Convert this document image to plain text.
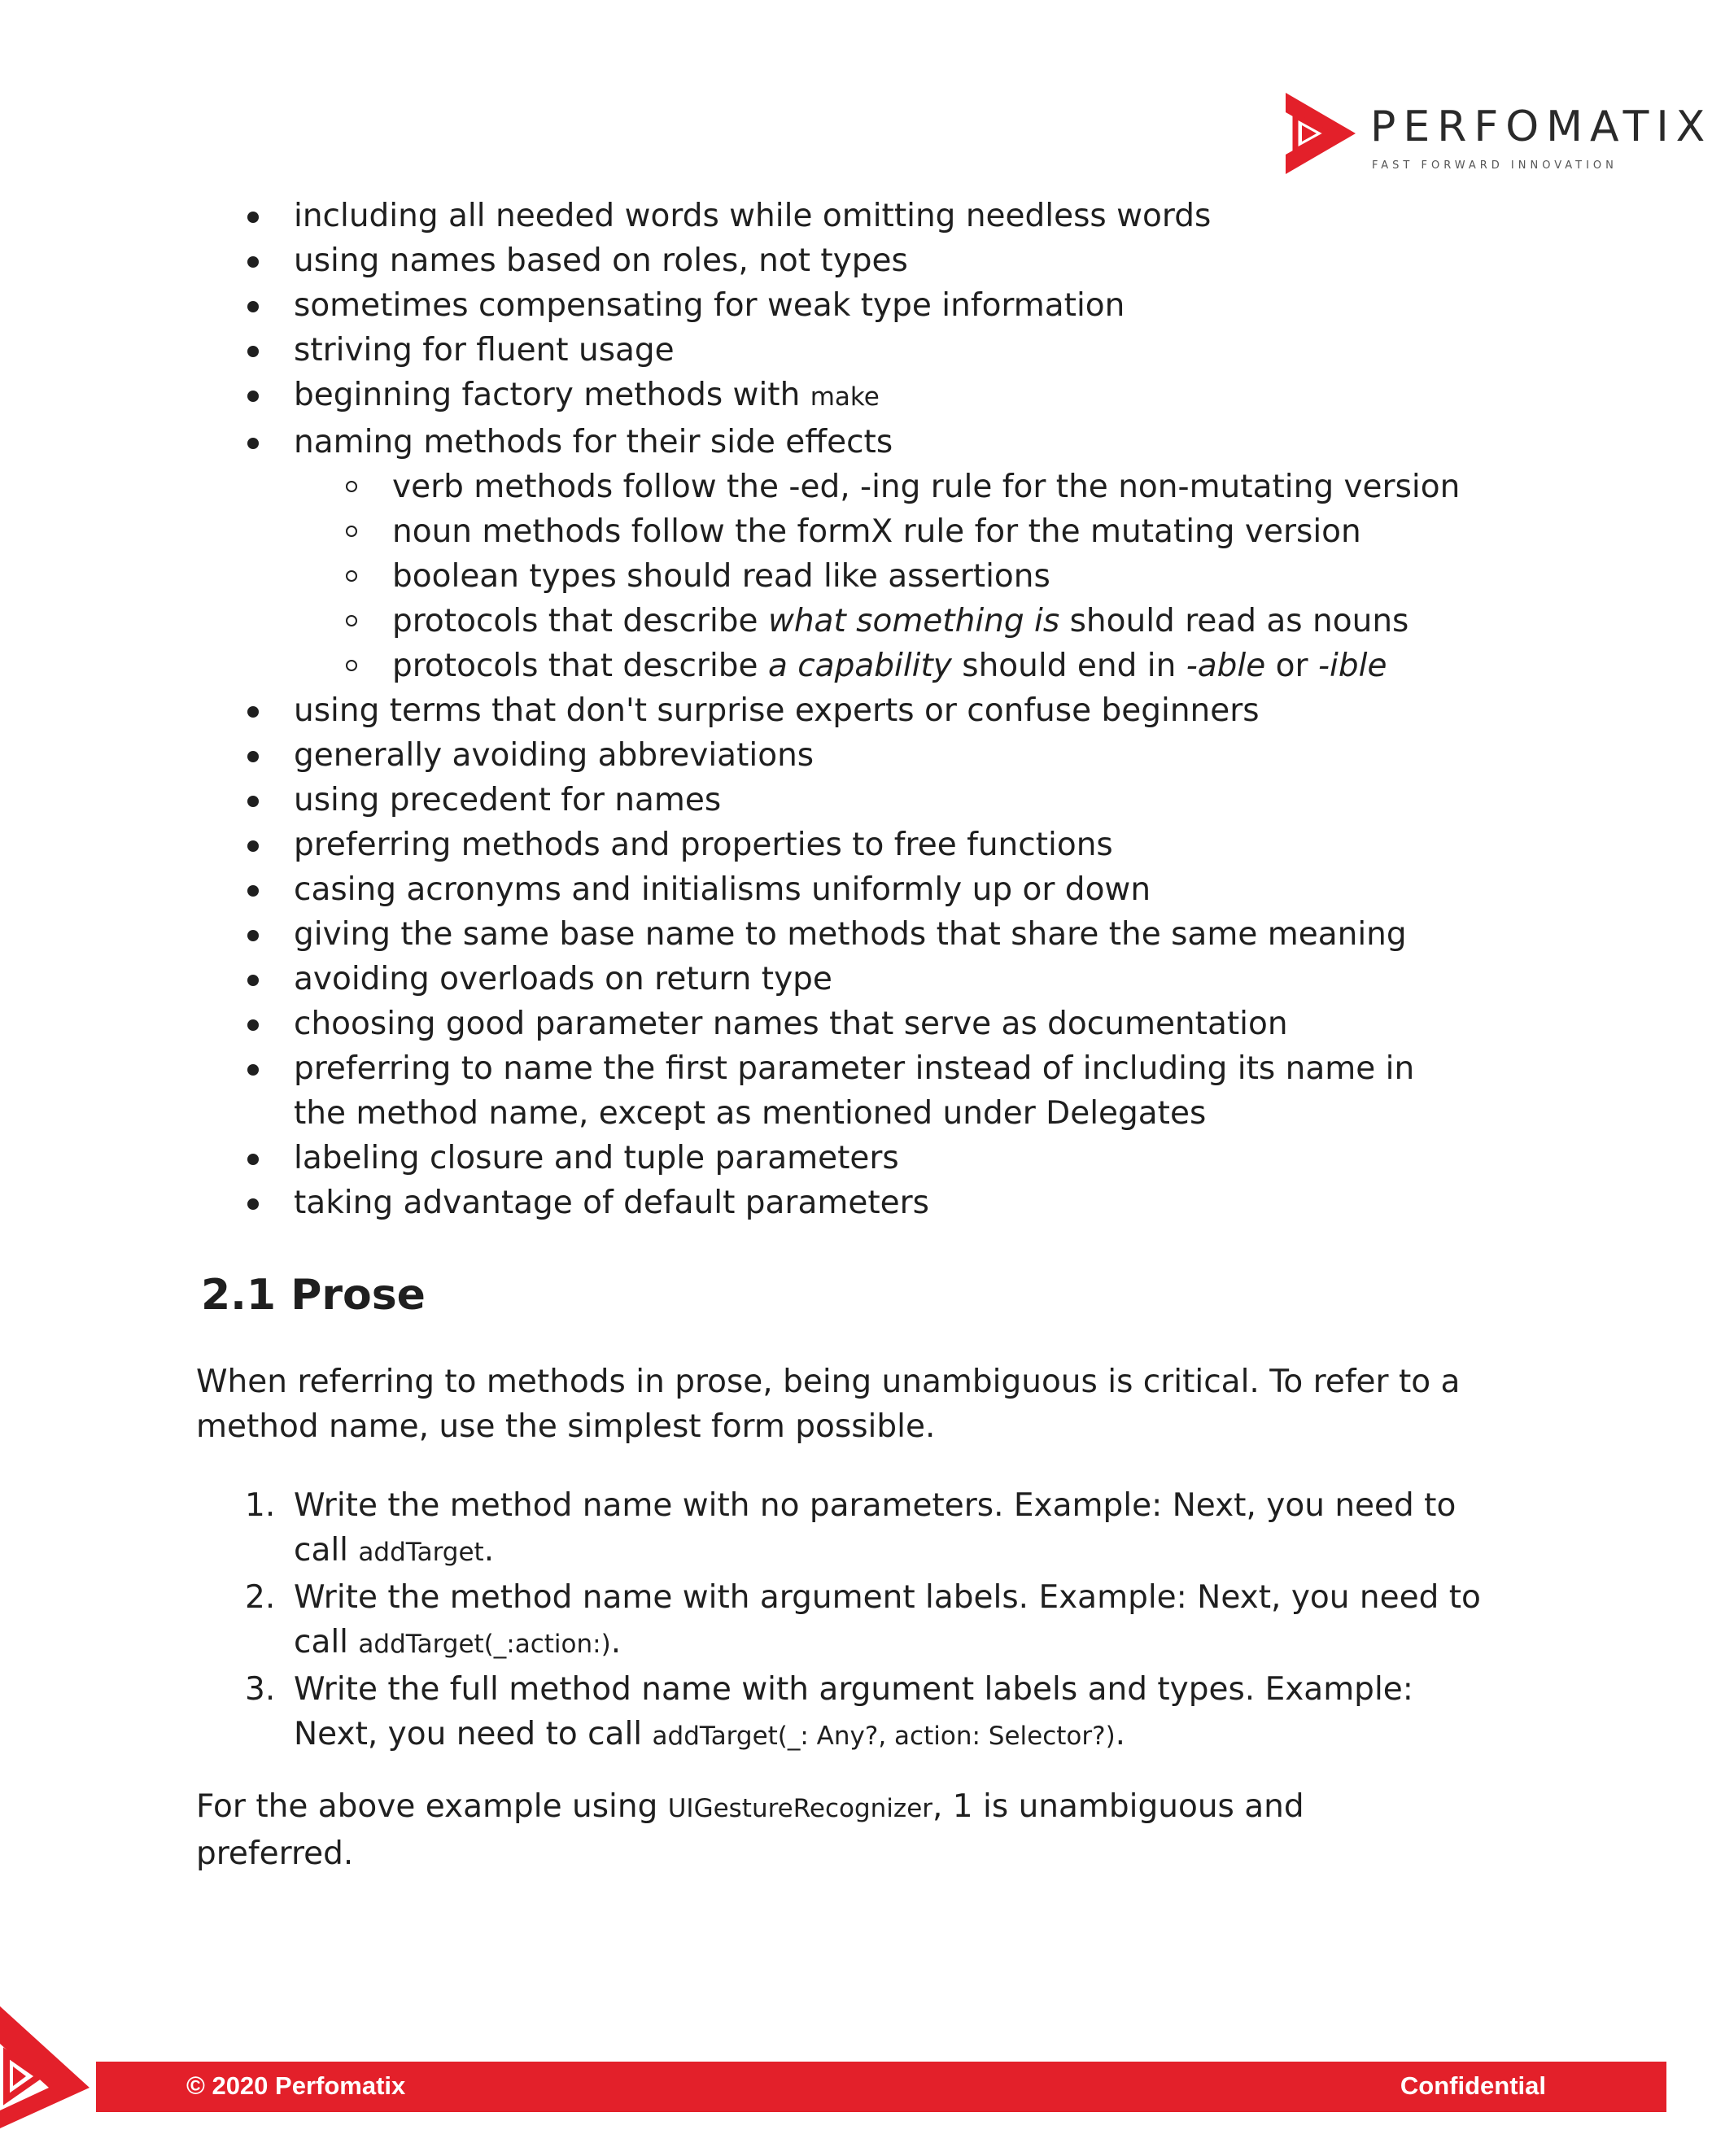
PERFOMATIX
FAST FORWARD INNOVATION
including all needed words while omitting needless words
using names based on roles, not types
sometimes compensating for weak type information
striving for fluent usage
beginning factory methods with make
naming methods for their side effects
verb methods follow the -ed, -ing rule for the non-mutating version
noun methods follow the formX rule for the mutating version
boolean types should read like assertions
protocols that describe what something is should read as nouns
protocols that describe a capability should end in -able or -ible
using terms that don't surprise experts or confuse beginners
generally avoiding abbreviations
using precedent for names
preferring methods and properties to free functions
casing acronyms and initialisms uniformly up or down
giving the same base name to methods that share the same meaning
avoiding overloads on return type
choosing good parameter names that serve as documentation
preferring to name the first parameter instead of including its name in the method name, except as mentioned under Delegates
labeling closure and tuple parameters
taking advantage of default parameters
2.1 Prose

When referring to methods in prose, being unambiguous is critical. To refer to a method name, use the simplest form possible.

1. Write the method name with no parameters. Example: Next, you need to call addTarget.
2. Write the method name with argument labels. Example: Next, you need to call addTarget(_:action:).
3. Write the full method name with argument labels and types. Example: Next, you need to call addTarget(_: Any?, action: Selector?).

For the above example using UIGestureRecognizer, 1 is unambiguous and preferred.

© 2020 Perfomatix	Confidential
